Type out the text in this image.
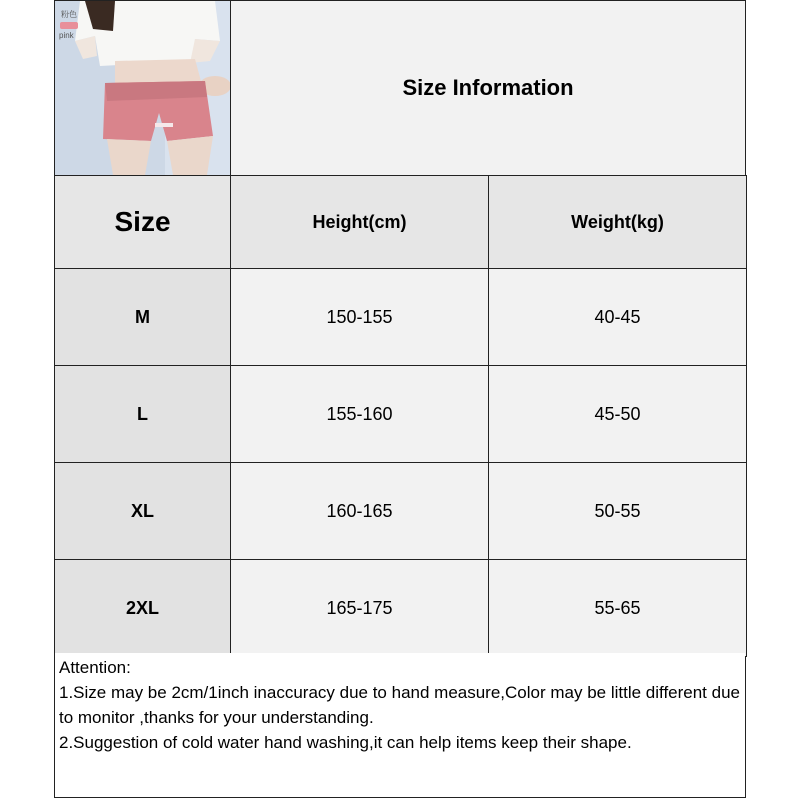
粉色
pink
Size Information
Size	Height(cm)	Weight(kg)
M	150-155	40-45
L	155-160	45-50
XL	160-165	50-55
2XL	165-175	55-65

Attention:

1.Size may be 2cm/1inch inaccuracy due to hand measure,Color may be little different due to monitor ,thanks for your understanding.

2.Suggestion of cold water hand washing,it can help items keep their shape.
